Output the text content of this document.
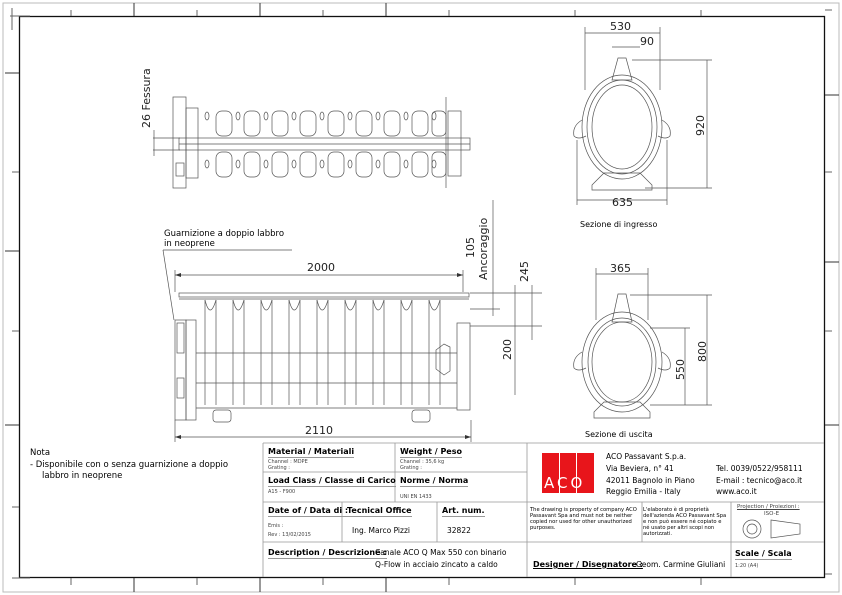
26 Fessura
Guarnizione a doppio labbro
in neoprene
2000
2110
105 Ancoraggio	245
200
530
90
920
635
Sezione di ingresso
365
800
550
Sezione di uscita
Nota
- Disponibile con o senza guarnizione a doppio
labbro in neoprene
Material / Materiali
Channel : MDPE
Grating :
Weight / Peso
Channel : 35,6 kg
Grating :
Load Class / Classe di Carico
A15 - F900
Norme / Norma
UNI EN 1433
Date of / Data di :
Emis :
Rev : 13/02/2015
Tecnical Office
Ing. Marco Pizzi
Art. num.
32822
Description / Descrizione :
Canale ACO Q Max 550 con binario
Q-Flow in acciaio zincato a caldo
ACO
ACO Passavant S.p.a.
Via Beviera, n° 41
42011 Bagnolo in Piano
Reggio Emilia - Italy
Tel. 0039/0522/958111
E-mail : tecnico@aco.it
www.aco.it
The drawing is property of company ACO Passavant Spa and must not be neither copied nor used for other unauthorized purposes.
L'elaborato è di proprietà dell'azienda ACO Passavant Spa e non può essere né copiato e né usato per altri scopi non autorizzati.
Projection / Proiezioni :
ISO-E
Designer / Disegnatore :
Geom. Carmine Giuliani
Scale / Scala
1:20 (A4)
